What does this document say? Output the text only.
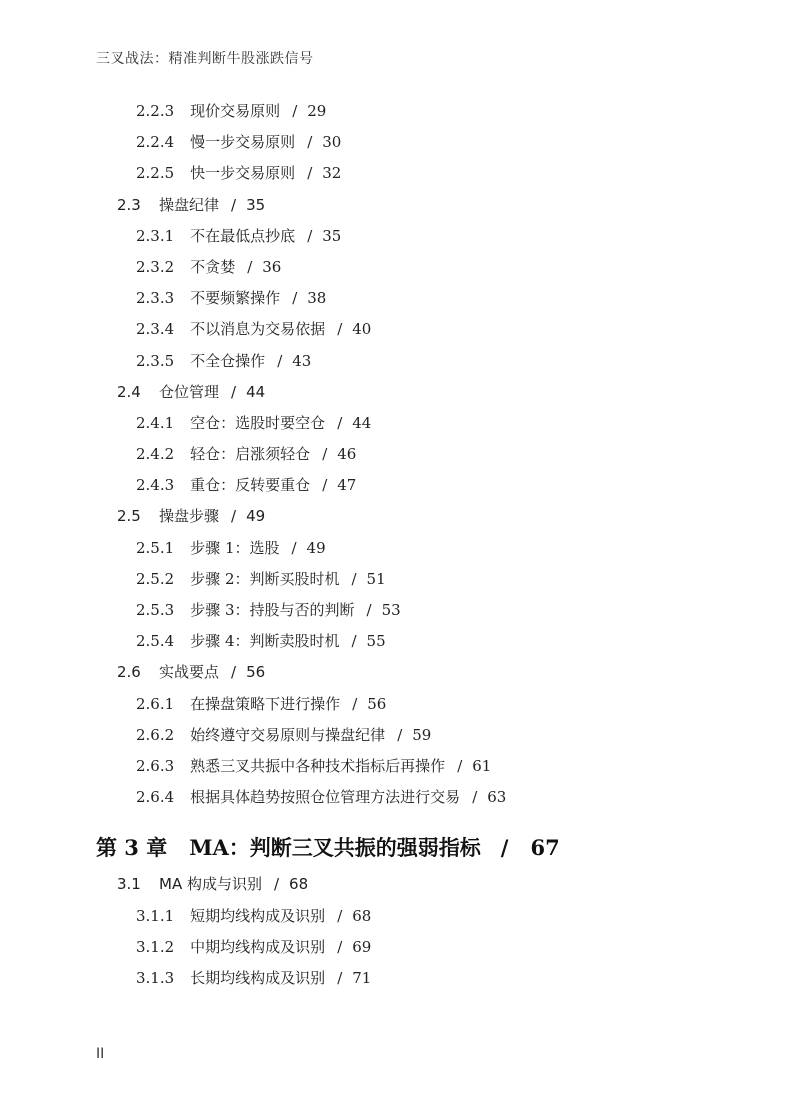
三叉战法：精准判断牛股涨跌信号
2.2.3 现价交易原则 / 29
2.2.4 慢一步交易原则 / 30
2.2.5 快一步交易原则 / 32
2.3 操盘纪律 / 35
2.3.1 不在最低点抄底 / 35
2.3.2 不贪婪 / 36
2.3.3 不要频繁操作 / 38
2.3.4 不以消息为交易依据 / 40
2.3.5 不全仓操作 / 43
2.4 仓位管理 / 44
2.4.1 空仓：选股时要空仓 / 44
2.4.2 轻仓：启涨须轻仓 / 46
2.4.3 重仓：反转要重仓 / 47
2.5 操盘步骤 / 49
2.5.1 步骤 1：选股 / 49
2.5.2 步骤 2：判断买股时机 / 51
2.5.3 步骤 3：持股与否的判断 / 53
2.5.4 步骤 4：判断卖股时机 / 55
2.6 实战要点 / 56
2.6.1 在操盘策略下进行操作 / 56
2.6.2 始终遵守交易原则与操盘纪律 / 59
2.6.3 熟悉三叉共振中各种技术指标后再操作 / 61
2.6.4 根据具体趋势按照仓位管理方法进行交易 / 63
第 3 章 MA：判断三叉共振的强弱指标 / 67
3.1 MA 构成与识别 / 68
3.1.1 短期均线构成及识别 / 68
3.1.2 中期均线构成及识别 / 69
3.1.3 长期均线构成及识别 / 71
II
